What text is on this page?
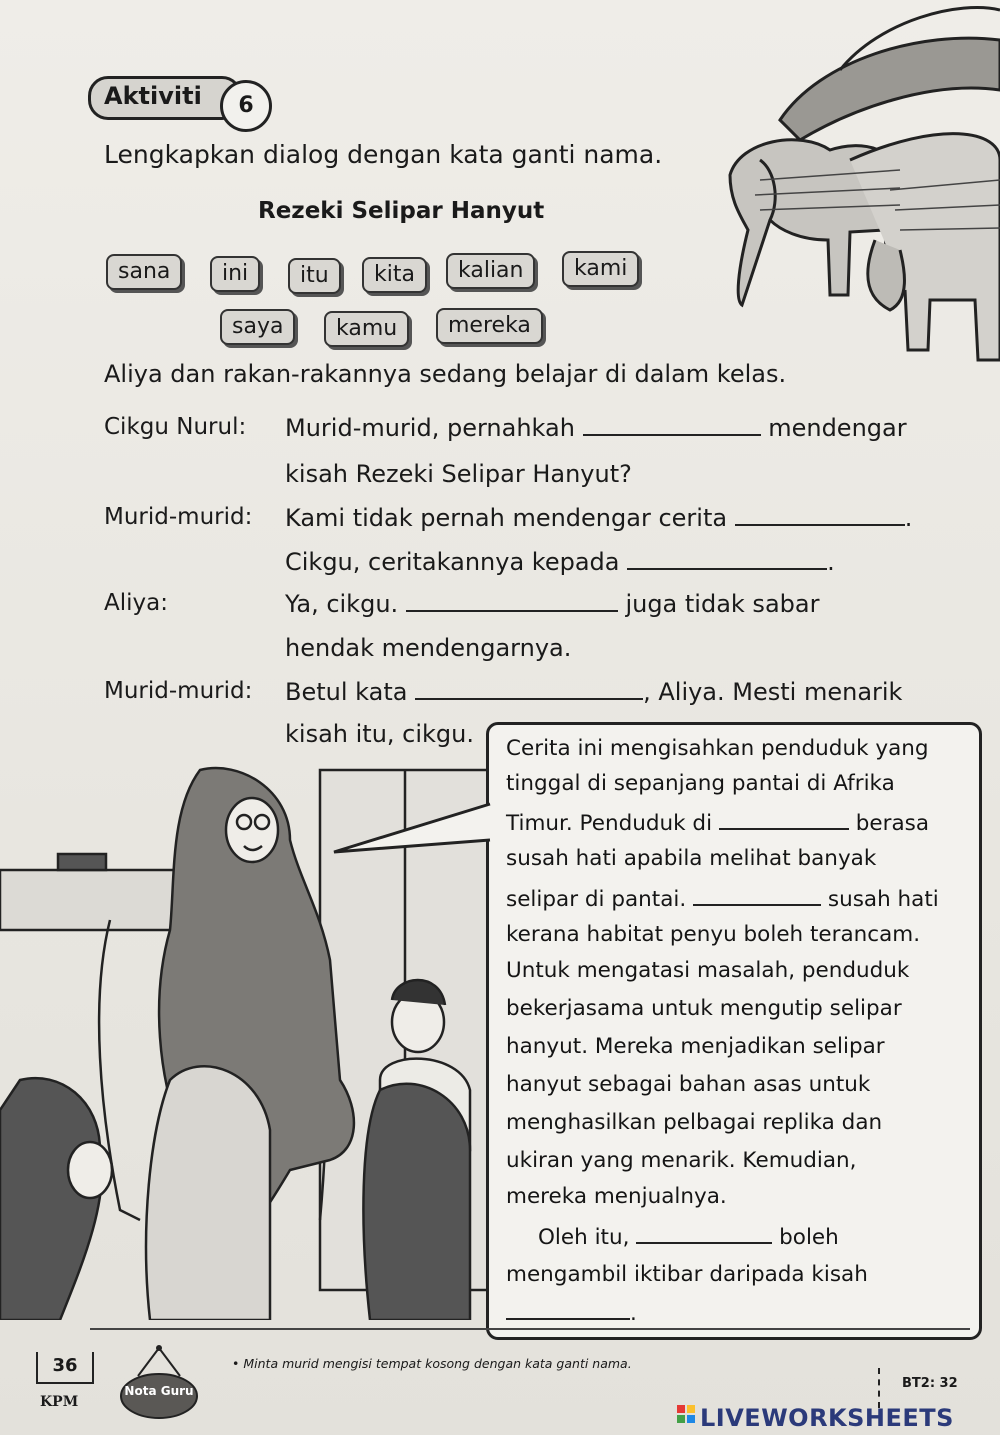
Aktiviti	6
Lengkapkan dialog dengan kata ganti nama.
Rezeki Selipar Hanyut
sana	ini	itu	kita	kalian	kami
saya	kamu	mereka
Aliya dan rakan-rakannya sedang belajar di dalam kelas.
Cikgu Nurul: Murid-murid, pernahkah	mendengar
kisah Rezeki Selipar Hanyut?
Murid-murid: Kami tidak pernah mendengar cerita	.
Cikgu, ceritakannya kepada	.
Aliya:	Ya, cikgu.	juga tidak sabar
hendak mendengarnya.
Murid-murid: Betul kata	, Aliya. Mesti menarik
kisah itu, cikgu.
Cerita ini mengisahkan penduduk yang
tinggal di sepanjang pantai di Afrika
Timur. Penduduk di	berasa
susah hati apabila melihat banyak
selipar di pantai.	susah hati
kerana habitat penyu boleh terancam.
Untuk mengatasi masalah, penduduk
bekerjasama untuk mengutip selipar
hanyut. Mereka menjadikan selipar
hanyut sebagai bahan asas untuk
menghasilkan pelbagai replika dan
ukiran yang menarik. Kemudian,
mereka menjualnya.
Oleh itu,	boleh
mengambil iktibar daripada kisah
.
36
KPM
Nota Guru
• Minta murid mengisi tempat kosong dengan kata ganti nama.
BT2: 32
LIVEWORKSHEETS
